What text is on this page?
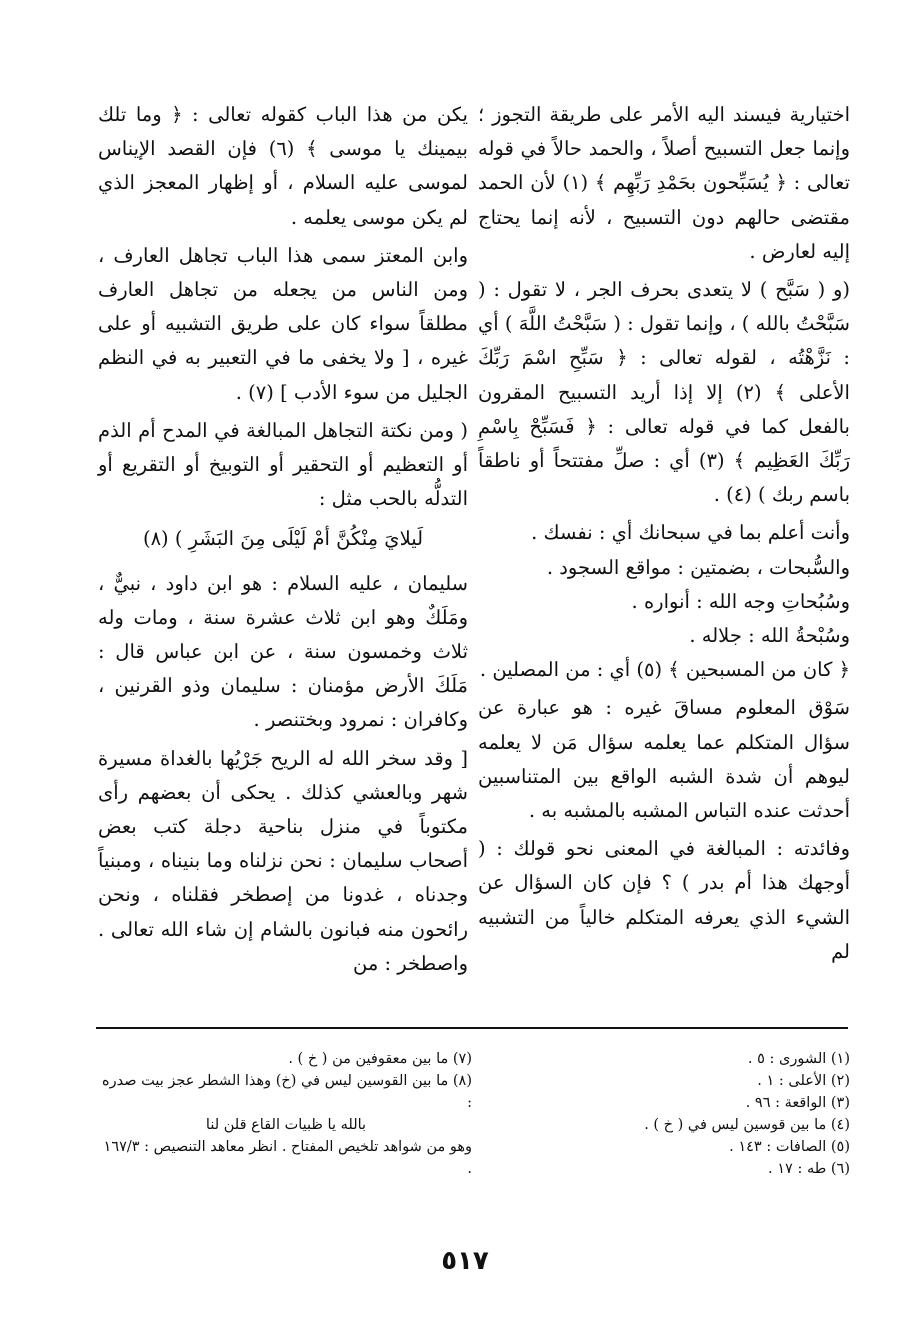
اختيارية فيسند اليه الأمر على طريقة التجوز ؛ وإنما جعل التسبيح أصلاً ، والحمد حالاً في قوله تعالى : ﴿ يُسَبِّحون بحَمْدِ رَبِّهِم ﴾ (١) لأن الحمد مقتضى حالهم دون التسبيح ، لأنه إنما يحتاج إليه لعارض .

(و ( سَبَّح ) لا يتعدى بحرف الجر ، لا تقول : ( سَبَّحْتُ بالله ) ، وإنما تقول : ( سَبَّحْتُ اللَّهَ ) أي : نَزَّهْتُه ، لقوله تعالى : ﴿ سَبِّحِ اسْمَ رَبِّكَ الأعلى ﴾ (٢) إلا إذا أريد التسبيح المقرون بالفعل كما في قوله تعالى : ﴿ فَسَبِّحْ بِاسْمِ رَبِّكَ العَظِيم ﴾ (٣) أي : صلِّ مفتتحاً أو ناطقاً باسم ربك ) (٤) .

وأنت أعلم بما في سبحانك أي : نفسك .

والسُّبحات ، بضمتين : مواقع السجود .

وسُبُحاتِ وجه الله : أنواره .

وسُبْحةُ الله : جلاله .

﴿ كان من المسبحين ﴾ (٥) أي : من المصلين .

سَوْق المعلوم مساقَ غيره : هو عبارة عن سؤال المتكلم عما يعلمه سؤال مَن لا يعلمه ليوهم أن شدة الشبه الواقع بين المتناسبين أحدثت عنده التباس المشبه بالمشبه به .

وفائدته : المبالغة في المعنى نحو قولك : ( أوجهك هذا أم بدر ) ؟ فإن كان السؤال عن الشيء الذي يعرفه المتكلم خالياً من التشبيه لم

يكن من هذا الباب كقوله تعالى : ﴿ وما تلك بيمينك يا موسى ﴾ (٦) فإن القصد الإيناس لموسى عليه السلام ، أو إظهار المعجز الذي لم يكن موسى يعلمه .

وابن المعتز سمى هذا الباب تجاهل العارف ، ومن الناس من يجعله من تجاهل العارف مطلقاً سواء كان على طريق التشبيه أو على غيره ، [ ولا يخفى ما في التعبير به في النظم الجليل من سوء الأدب ] (٧) .

( ومن نكتة التجاهل المبالغة في المدح أم الذم أو التعظيم أو التحقير أو التوبيخ أو التقريع أو التدلُّه بالحب مثل :

لَيلايَ مِنْكُنَّ أمْ لَيْلَى مِنَ البَشَرِ ) (٨)

سليمان ، عليه السلام : هو ابن داود ، نبيٌّ ، ومَلَكٌ وهو ابن ثلاث عشرة سنة ، ومات وله ثلاث وخمسون سنة ، عن ابن عباس قال : مَلَكَ الأرض مؤمنان : سليمان وذو القرنين ، وكافران : نمرود وبختنصر .

[ وقد سخر الله له الريح جَرْيُها بالغداة مسيرة شهر وبالعشي كذلك . يحكى أن بعضهم رأى مكتوباً في منزل بناحية دجلة كتب بعض أصحاب سليمان : نحن نزلناه وما بنيناه ، ومبنياً وجدناه ، غدونا من إصطخر فقلناه ، ونحن رائحون منه فبانون بالشام إن شاء الله تعالى . واصطخر : من

(١) الشورى : ٥ .

(٢) الأعلى : ١ .

(٣) الواقعة : ٩٦ .

(٤) ما بين قوسين ليس في ( خ ) .

(٥) الصافات : ١٤٣ .

(٦) طه : ١٧ .

(٧) ما بين معقوفين من ( خ ) .

(٨) ما بين القوسين ليس في (خ) وهذا الشطر عجز بيت صدره :

بالله يا ظبيات القاع قلن لنا

وهو من شواهد تلخيص المفتاح . انظر معاهد التنصيص : ١٦٧/٣ .

٥١٧
